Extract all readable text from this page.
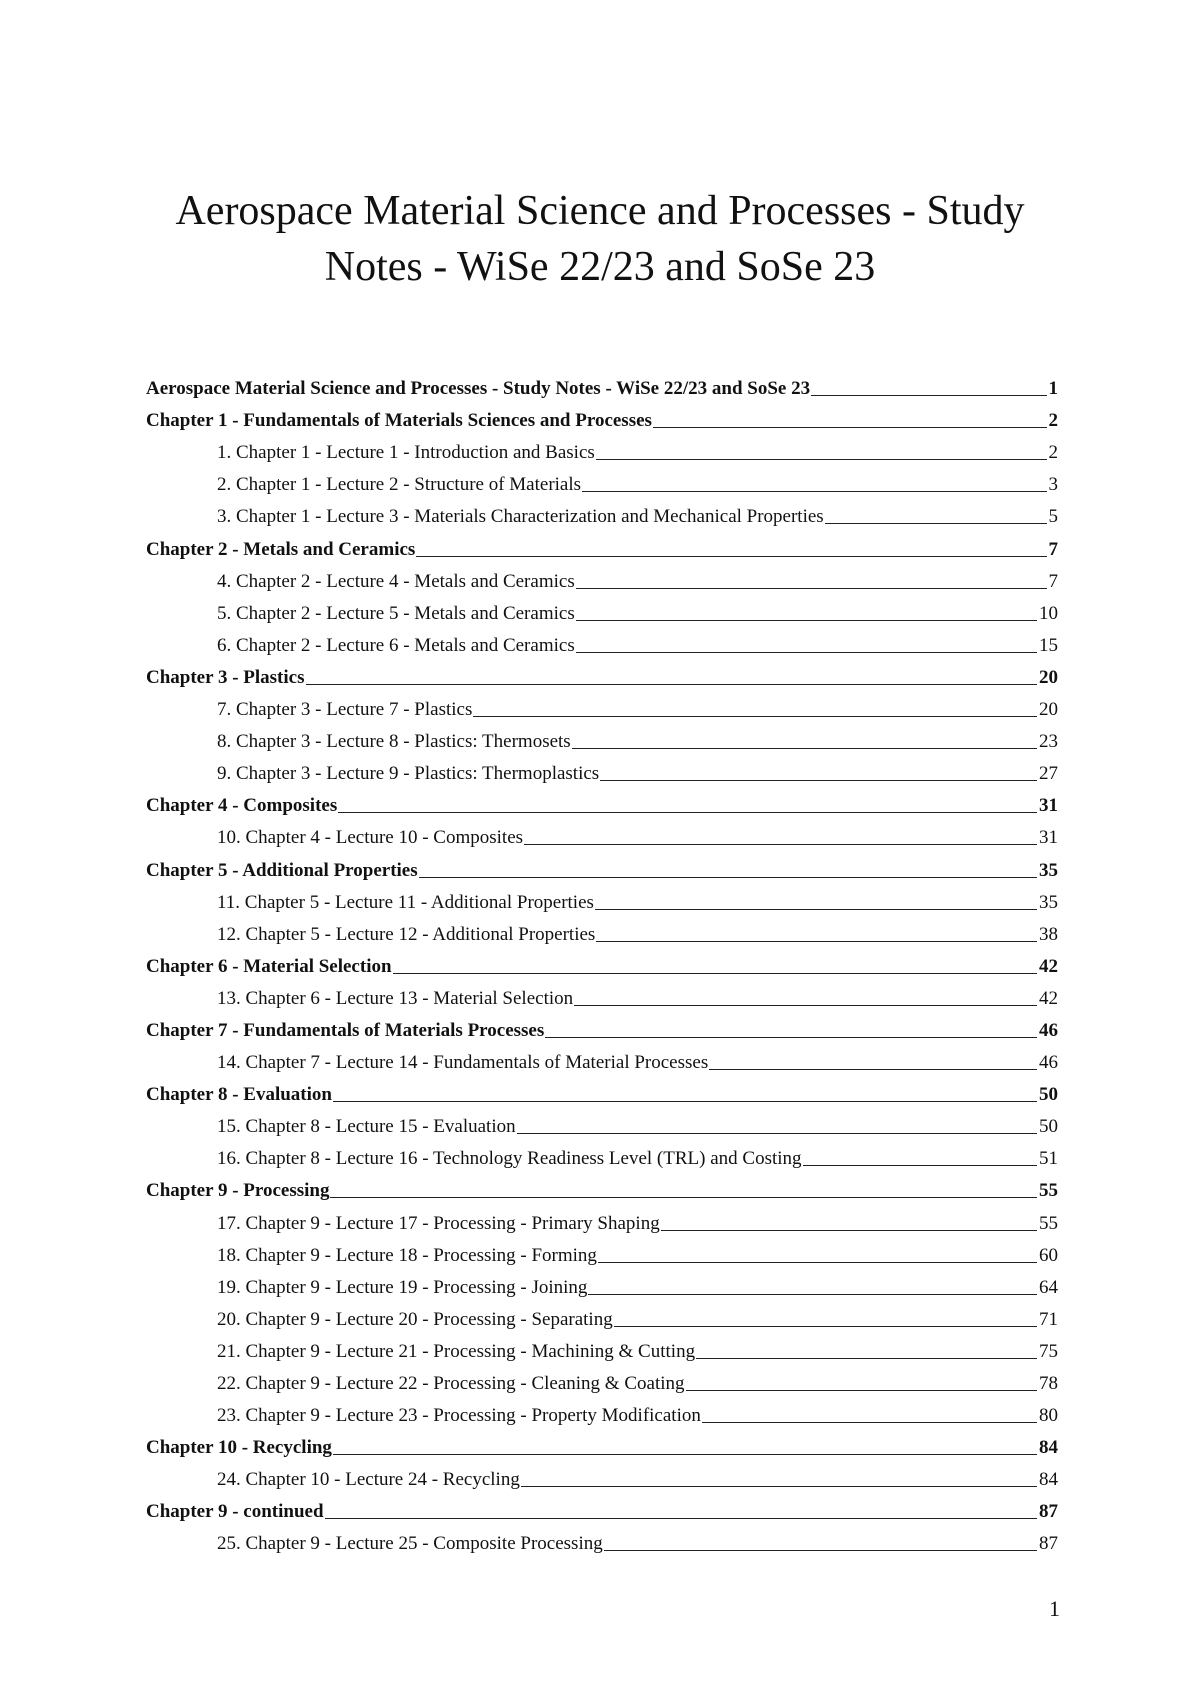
Aerospace Material Science and Processes - Study
Notes - WiSe 22/23 and SoSe 23
Aerospace Material Science and Processes - Study Notes - WiSe 22/23 and SoSe 23	1
Chapter 1 - Fundamentals of Materials Sciences and Processes	2
1. Chapter 1 - Lecture 1 - Introduction and Basics	2
2. Chapter 1 - Lecture 2 - Structure of Materials	3
3. Chapter 1 - Lecture 3 - Materials Characterization and Mechanical Properties	5
Chapter 2 - Metals and Ceramics	7
4. Chapter 2 - Lecture 4 - Metals and Ceramics	7
5. Chapter 2 - Lecture 5 - Metals and Ceramics	10
6. Chapter 2 - Lecture 6 - Metals and Ceramics	15
Chapter 3 - Plastics	20
7. Chapter 3 - Lecture 7 - Plastics	20
8. Chapter 3 - Lecture 8 - Plastics: Thermosets	23
9. Chapter 3 - Lecture 9 - Plastics: Thermoplastics	27
Chapter 4 - Composites	31
10. Chapter 4 - Lecture 10 - Composites	31
Chapter 5 - Additional Properties	35
11. Chapter 5 - Lecture 11 - Additional Properties	35
12. Chapter 5 - Lecture 12 - Additional Properties	38
Chapter 6 - Material Selection	42
13. Chapter 6 - Lecture 13 - Material Selection	42
Chapter 7 - Fundamentals of Materials Processes	46
14. Chapter 7 - Lecture 14 - Fundamentals of Material Processes	46
Chapter 8 - Evaluation	50
15. Chapter 8 - Lecture 15 - Evaluation	50
16. Chapter 8 - Lecture 16 - Technology Readiness Level (TRL) and Costing	51
Chapter 9 - Processing	55
17. Chapter 9 - Lecture 17 - Processing - Primary Shaping	55
18. Chapter 9 - Lecture 18 - Processing - Forming	60
19. Chapter 9 - Lecture 19 - Processing - Joining	64
20. Chapter 9 - Lecture 20 - Processing - Separating	71
21. Chapter 9 - Lecture 21 - Processing - Machining & Cutting	75
22. Chapter 9 - Lecture 22 - Processing - Cleaning & Coating	78
23. Chapter 9 - Lecture 23 - Processing - Property Modification	80
Chapter 10 - Recycling	84
24. Chapter 10 - Lecture 24 - Recycling	84
Chapter 9 - continued	87
25. Chapter 9 - Lecture 25 - Composite Processing	87
1
